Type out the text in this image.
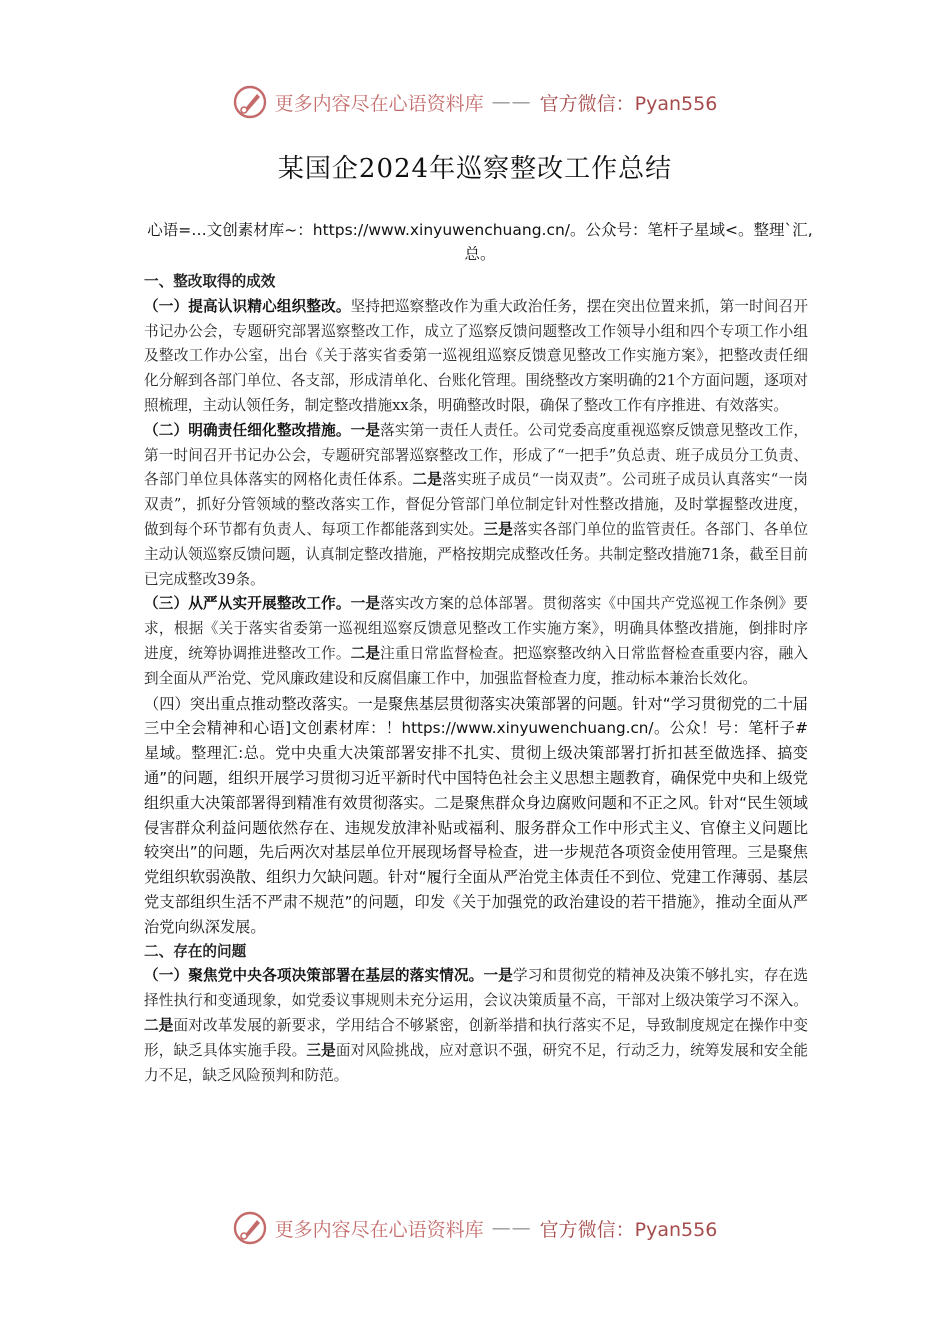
更多内容尽在心语资料库 —— 官方微信：Pyan556
某国企2024年巡察整改工作总结
心语=…文创素材库~：https://www.xinyuwenchuang.cn/。公众号：笔杆子星域<。整理`汇,总。

一、整改取得的成效

（一）提高认识精心组织整改。坚持把巡察整改作为重大政治任务，摆在突出位置来抓，第一时间召开书记办公会，专题研究部署巡察整改工作，成立了巡察反馈问题整改工作领导小组和四个专项工作小组及整改工作办公室，出台《关于落实省委第一巡视组巡察反馈意见整改工作实施方案》，把整改责任细化分解到各部门单位、各支部，形成清单化、台账化管理。围绕整改方案明确的21个方面问题，逐项对照梳理，主动认领任务，制定整改措施xx条，明确整改时限，确保了整改工作有序推进、有效落实。

（二）明确责任细化整改措施。一是落实第一责任人责任。公司党委高度重视巡察反馈意见整改工作，第一时间召开书记办公会，专题研究部署巡察整改工作，形成了“一把手”负总责、班子成员分工负责、各部门单位具体落实的网格化责任体系。二是落实班子成员“一岗双责”。公司班子成员认真落实“一岗双责”，抓好分管领域的整改落实工作，督促分管部门单位制定针对性整改措施，及时掌握整改进度，做到每个环节都有负责人、每项工作都能落到实处。三是落实各部门单位的监管责任。各部门、各单位主动认领巡察反馈问题，认真制定整改措施，严格按期完成整改任务。共制定整改措施71条，截至目前已完成整改39条。

（三）从严从实开展整改工作。一是落实改方案的总体部署。贯彻落实《中国共产党巡视工作条例》要求，根据《关于落实省委第一巡视组巡察反馈意见整改工作实施方案》，明确具体整改措施，倒排时序进度，统筹协调推进整改工作。二是注重日常监督检查。把巡察整改纳入日常监督检查重要内容，融入到全面从严治党、党风廉政建设和反腐倡廉工作中，加强监督检查力度，推动标本兼治长效化。

（四）突出重点推动整改落实。一是聚焦基层贯彻落实决策部署的问题。针对“学习贯彻党的二十届三中全会精神和心语]文创素材库：！https://www.xinyuwenchuang.cn/。公众！号：笔杆子#星域。整理汇:总。党中央重大决策部署安排不扎实、贯彻上级决策部署打折扣甚至做选择、搞变通”的问题，组织开展学习贯彻习近平新时代中国特色社会主义思想主题教育，确保党中央和上级党组织重大决策部署得到精准有效贯彻落实。二是聚焦群众身边腐败问题和不正之风。针对“民生领域侵害群众利益问题依然存在、违规发放津补贴或福利、服务群众工作中形式主义、官僚主义问题比较突出”的问题，先后两次对基层单位开展现场督导检查，进一步规范各项资金使用管理。三是聚焦党组织软弱涣散、组织力欠缺问题。针对“履行全面从严治党主体责任不到位、党建工作薄弱、基层党支部组织生活不严肃不规范”的问题，印发《关于加强党的政治建设的若干措施》，推动全面从严治党向纵深发展。

二、存在的问题

（一）聚焦党中央各项决策部署在基层的落实情况。一是学习和贯彻党的精神及决策不够扎实，存在选择性执行和变通现象，如党委议事规则未充分运用，会议决策质量不高，干部对上级决策学习不深入。二是面对改革发展的新要求，学用结合不够紧密，创新举措和执行落实不足，导致制度规定在操作中变形，缺乏具体实施手段。三是面对风险挑战，应对意识不强，研究不足，行动乏力，统筹发展和安全能力不足，缺乏风险预判和防范。

更多内容尽在心语资料库 —— 官方微信：Pyan556
